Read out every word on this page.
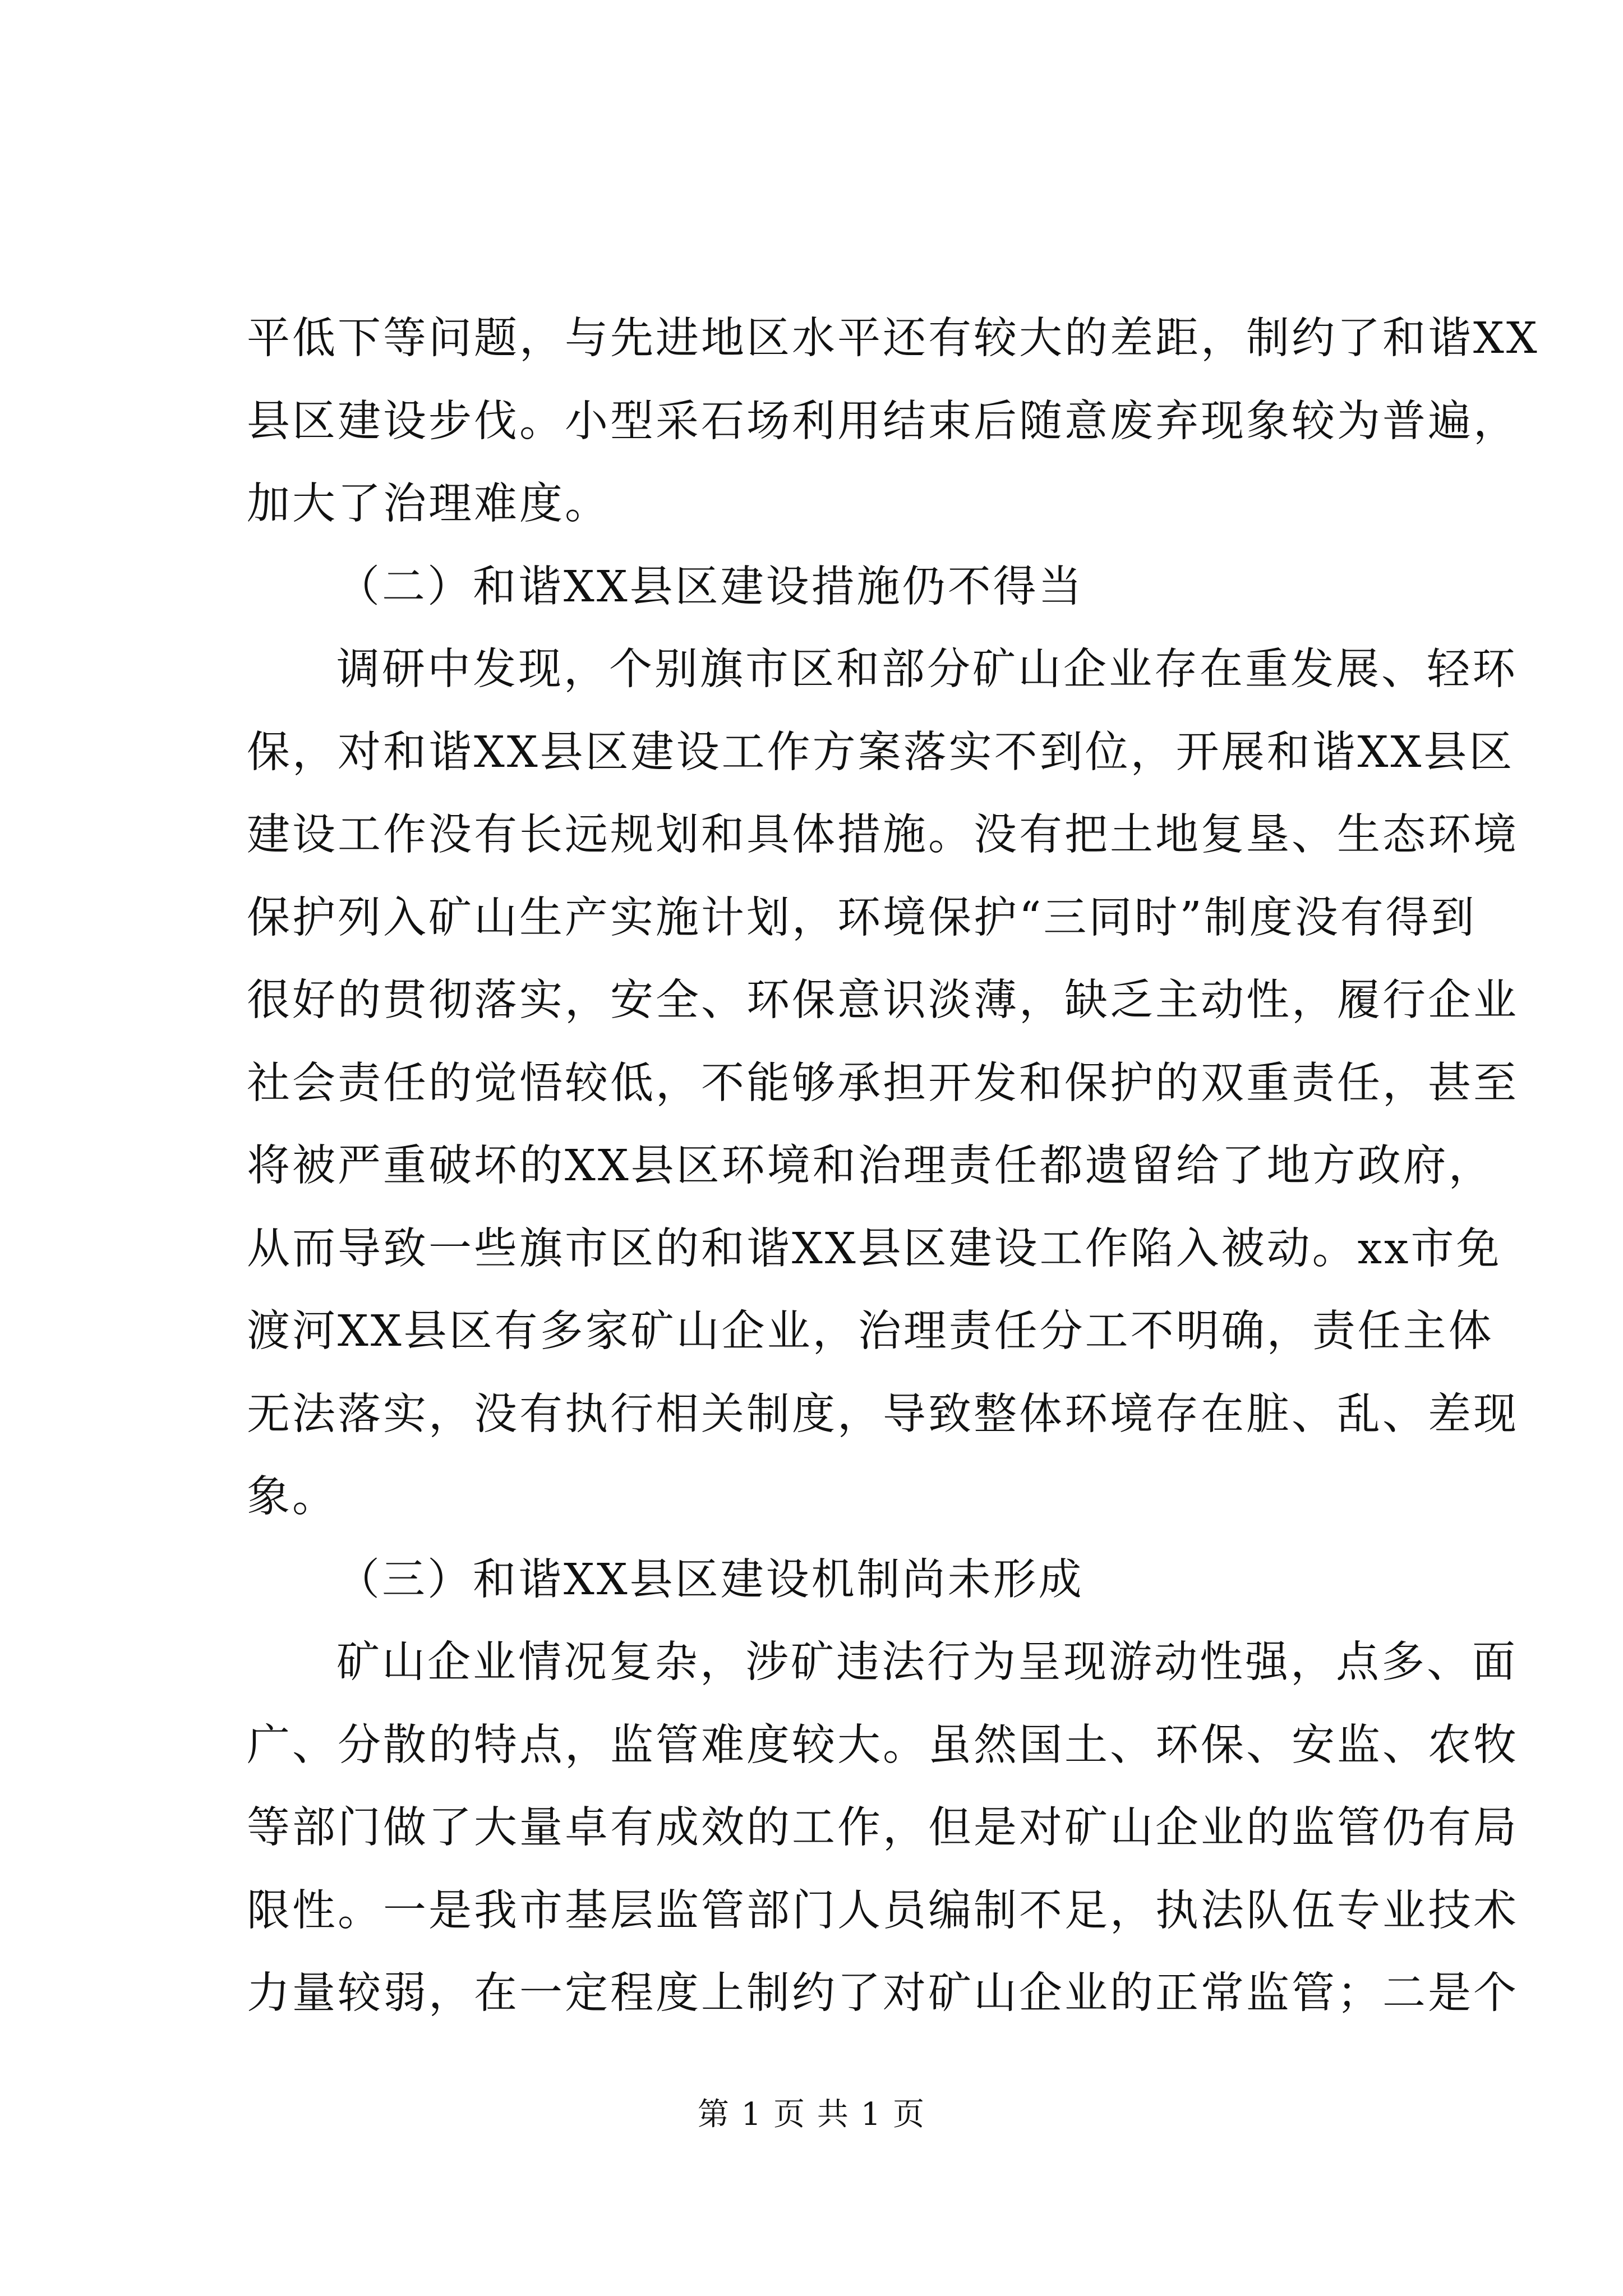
平低下等问题，与先进地区水平还有较大的差距，制约了和谐XX
县区建设步伐。小型采石场利用结束后随意废弃现象较为普遍，
加大了治理难度。
（二）和谐XX县区建设措施仍不得当
调研中发现，个别旗市区和部分矿山企业存在重发展、轻环
保，对和谐XX县区建设工作方案落实不到位，开展和谐XX县区
建设工作没有长远规划和具体措施。没有把土地复垦、生态环境
保护列入矿山生产实施计划，环境保护“三同时”制度没有得到
很好的贯彻落实，安全、环保意识淡薄，缺乏主动性，履行企业
社会责任的觉悟较低，不能够承担开发和保护的双重责任，甚至
将被严重破坏的XX县区环境和治理责任都遗留给了地方政府，
从而导致一些旗市区的和谐XX县区建设工作陷入被动。xx市免
渡河XX县区有多家矿山企业，治理责任分工不明确，责任主体
无法落实，没有执行相关制度，导致整体环境存在脏、乱、差现
象。
（三）和谐XX县区建设机制尚未形成
矿山企业情况复杂，涉矿违法行为呈现游动性强，点多、面
广、分散的特点，监管难度较大。虽然国土、环保、安监、农牧
等部门做了大量卓有成效的工作，但是对矿山企业的监管仍有局
限性。一是我市基层监管部门人员编制不足，执法队伍专业技术
力量较弱，在一定程度上制约了对矿山企业的正常监管；二是个
第 1 页 共 1 页
